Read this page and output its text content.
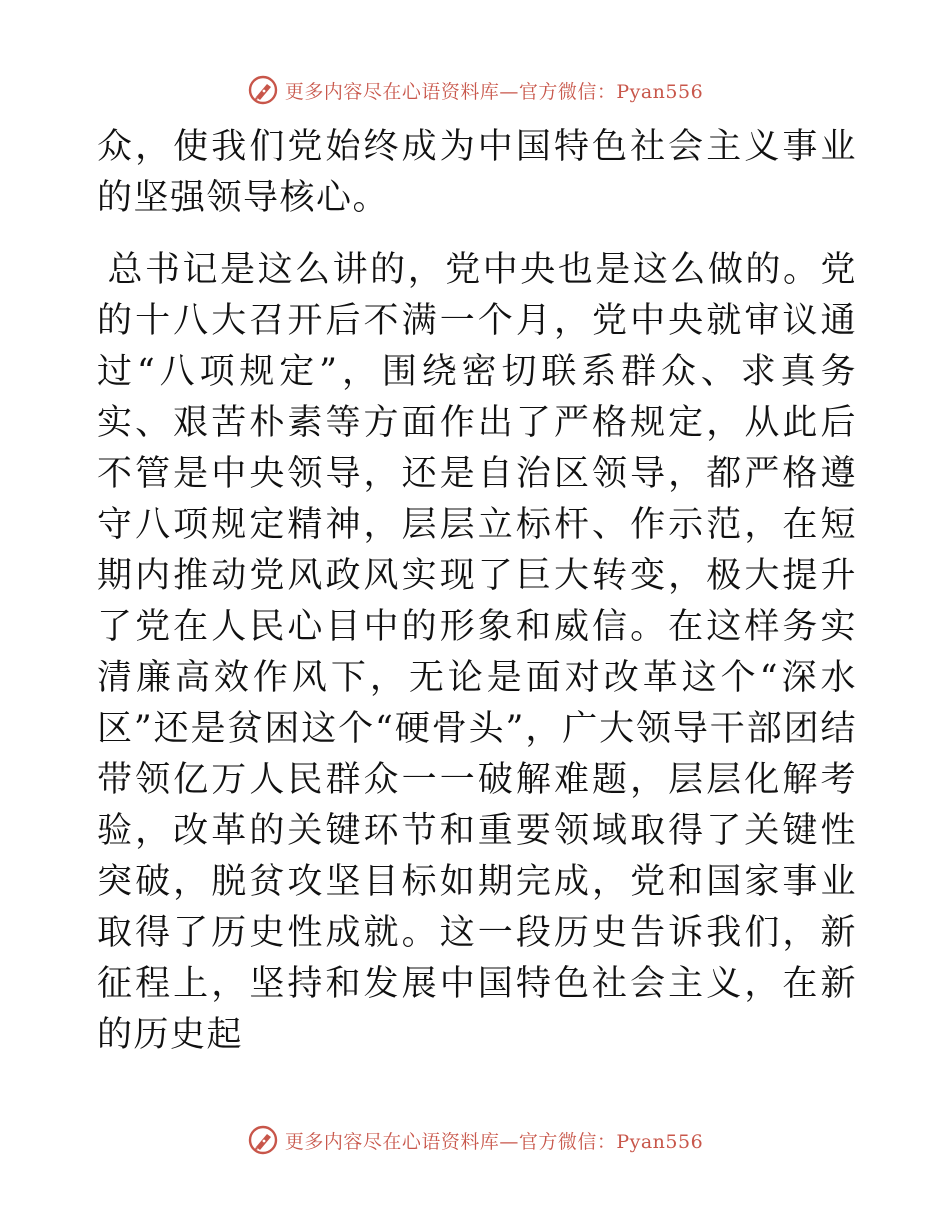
更多内容尽在心语资料库—官方微信：Pyan556

众，使我们党始终成为中国特色社会主义事业的坚强领导核心。

总书记是这么讲的，党中央也是这么做的。党的十八大召开后不满一个月，党中央就审议通过“八项规定”，围绕密切联系群众、求真务实、艰苦朴素等方面作出了严格规定，从此后不管是中央领导，还是自治区领导，都严格遵守八项规定精神，层层立标杆、作示范，在短期内推动党风政风实现了巨大转变，极大提升了党在人民心目中的形象和威信。在这样务实清廉高效作风下，无论是面对改革这个“深水区”还是贫困这个“硬骨头”，广大领导干部团结带领亿万人民群众一一破解难题，层层化解考验，改革的关键环节和重要领域取得了关键性突破，脱贫攻坚目标如期完成，党和国家事业取得了历史性成就。这一段历史告诉我们，新征程上，坚持和发展中国特色社会主义，在新的历史起

更多内容尽在心语资料库—官方微信：Pyan556
